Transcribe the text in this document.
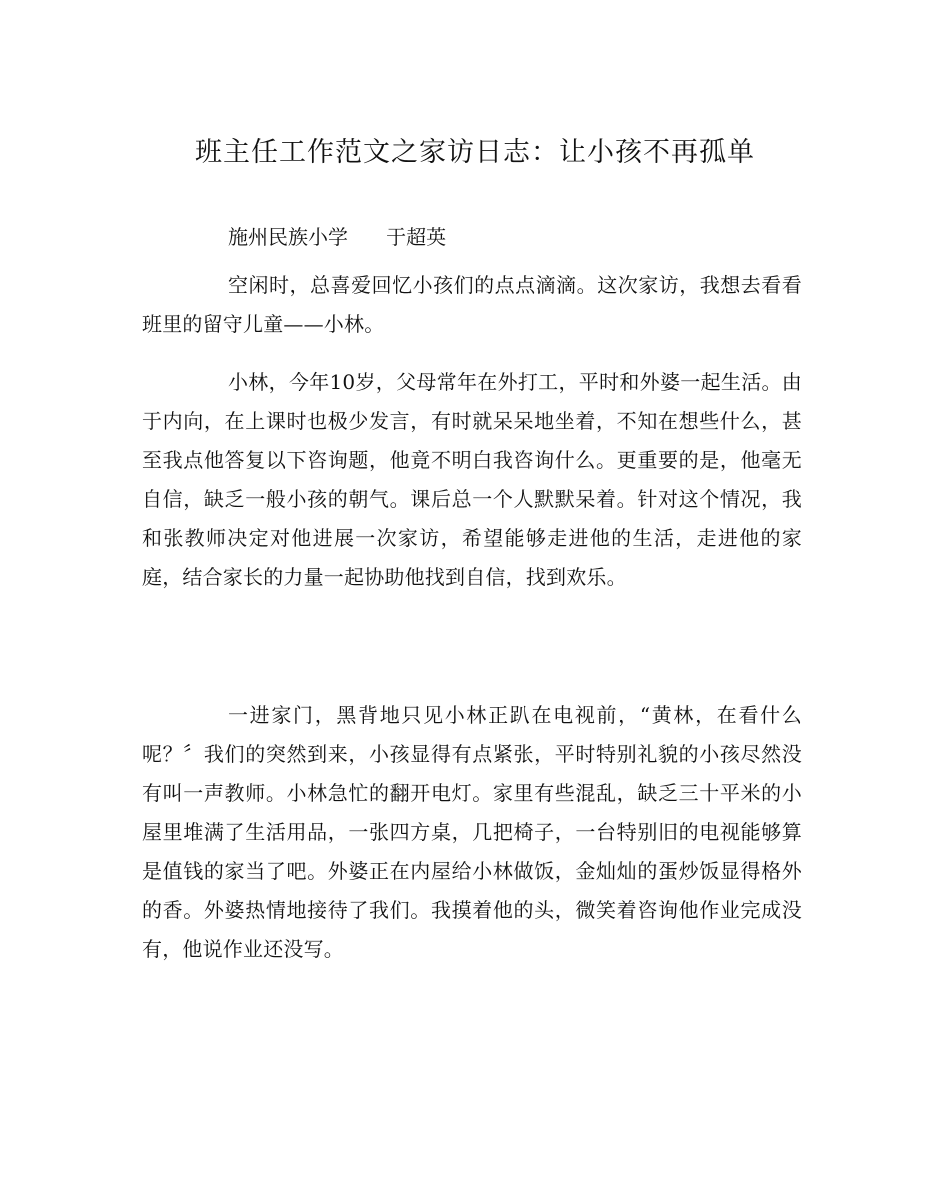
班主任工作范文之家访日志：让小孩不再孤单

施州民族小学      于超英

空闲时，总喜爱回忆小孩们的点点滴滴。这次家访，我想去看看班里的留守儿童——小林。

小林，今年10岁，父母常年在外打工，平时和外婆一起生活。由于内向，在上课时也极少发言，有时就呆呆地坐着，不知在想些什么，甚至我点他答复以下咨询题，他竟不明白我咨询什么。更重要的是，他毫无自信，缺乏一般小孩的朝气。课后总一个人默默呆着。针对这个情况，我和张教师决定对他进展一次家访，希望能够走进他的生活，走进他的家庭，结合家长的力量一起协助他找到自信，找到欢乐。

一进家门，黑背地只见小林正趴在电视前，“黄林，在看什么呢？〞我们的突然到来，小孩显得有点紧张，平时特别礼貌的小孩尽然没有叫一声教师。小林急忙的翻开电灯。家里有些混乱，缺乏三十平米的小屋里堆满了生活用品，一张四方桌，几把椅子，一台特别旧的电视能够算是值钱的家当了吧。外婆正在内屋给小林做饭，金灿灿的蛋炒饭显得格外的香。外婆热情地接待了我们。我摸着他的头，微笑着咨询他作业完成没有，他说作业还没写。
